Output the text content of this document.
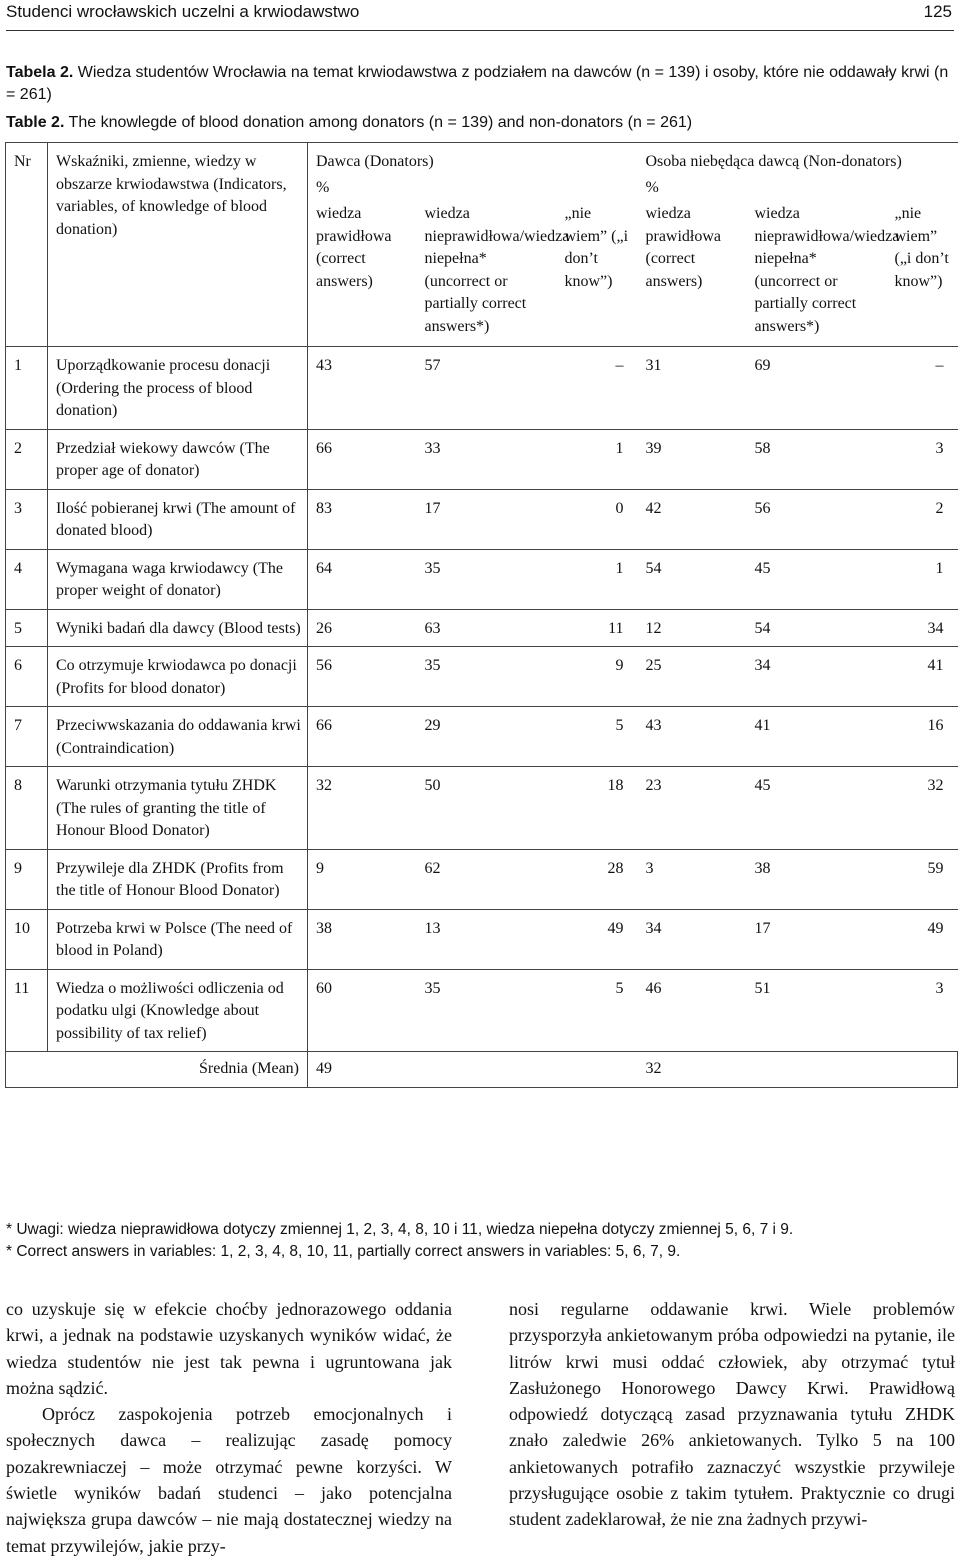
Studenci wrocławskich uczelni a krwiodawstwo	125
Tabela 2. Wiedza studentów Wrocławia na temat krwiodawstwa z podziałem na dawców (n = 139) i osoby, które nie oddawały krwi (n = 261)
Table 2. The knowlegde of blood donation among donators (n = 139) and non-donators (n = 261)
Nr	Wskaźniki, zmienne, wiedzy w obszarze krwiodawstwa (Indicators, variables, of knowledge of blood donation)	Dawca (Donators)			Osoba niebędąca dawcą (Non-donators)		
		%			%		
		wiedza prawidłowa (correct answers)	wiedza nieprawidłowa/wiedza niepełna* (uncorrect or partially correct answers*)	„nie wiem” („i don’t know”)	wiedza prawidłowa (correct answers)	wiedza nieprawidłowa/wiedza niepełna* (uncorrect or partially correct answers*)	„nie wiem” („i don’t know”)
1	Uporządkowanie procesu donacji (Ordering the process of blood donation)	43	57	–	31	69	–
2	Przedział wiekowy dawców (The proper age of donator)	66	33	1	39	58	3
3	Ilość pobieranej krwi (The amount of donated blood)	83	17	0	42	56	2
4	Wymagana waga krwiodawcy (The proper weight of donator)	64	35	1	54	45	1
5	Wyniki badań dla dawcy (Blood tests)	26	63	11	12	54	34
6	Co otrzymuje krwiodawca po donacji (Profits for blood donator)	56	35	9	25	34	41
7	Przeciwwskazania do oddawania krwi (Contraindication)	66	29	5	43	41	16
8	Warunki otrzymania tytułu ZHDK (The rules of granting the title of Honour Blood Donator)	32	50	18	23	45	32
9	Przywileje dla ZHDK (Profits from the title of Honour Blood Donator)	9	62	28	3	38	59
10	Potrzeba krwi w Polsce (The need of blood in Poland)	38	13	49	34	17	49
11	Wiedza o możliwości odliczenia od podatku ulgi (Knowledge about possibility of tax relief)	60	35	5	46	51	3
Średnia (Mean)		49			32		
* Uwagi: wiedza nieprawidłowa dotyczy zmiennej 1, 2, 3, 4, 8, 10 i 11, wiedza niepełna dotyczy zmiennej 5, 6, 7 i 9.
* Correct answers in variables: 1, 2, 3, 4, 8, 10, 11, partially correct answers in variables: 5, 6, 7, 9.

co uzyskuje się w efekcie choćby jednorazowego oddania krwi, a jednak na podstawie uzyskanych wyników widać, że wiedza studentów nie jest tak pewna i ugruntowana jak można sądzić.

Oprócz zaspokojenia potrzeb emocjonalnych i społecznych dawca – realizując zasadę pomocy pozakrewniaczej – może otrzymać pewne korzyści. W świetle wyników badań studenci – jako potencjalna największa grupa dawców – nie mają dostatecznej wiedzy na temat przywilejów, jakie przy-

nosi regularne oddawanie krwi. Wiele problemów przysporzyła ankietowanym próba odpowiedzi na pytanie, ile litrów krwi musi oddać człowiek, aby otrzymać tytuł Zasłużonego Honorowego Dawcy Krwi. Prawidłową odpowiedź dotyczącą zasad przyznawania tytułu ZHDK znało zaledwie 26% ankietowanych. Tylko 5 na 100 ankietowanych potrafiło zaznaczyć wszystkie przywileje przysługujące osobie z takim tytułem. Praktycznie co drugi student zadeklarował, że nie zna żadnych przywi-
